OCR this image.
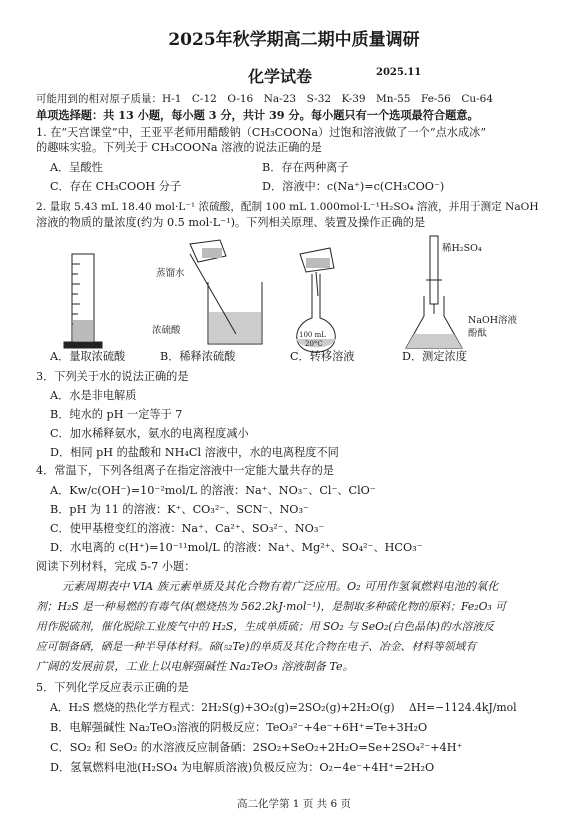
2025年秋学期高二期中质量调研
化学试卷	2025.11
可能用到的相对原子质量：H-1　C-12　O-16　Na-23　S-32　K-39　Mn-55　Fe-56　Cu-64
单项选择题：共 13 小题，每小题 3 分，共计 39 分。每小题只有一个选项最符合题意。
1. 在“天宫课堂”中，王亚平老师用醋酸钠（CH₃COONa）过饱和溶液做了一个“点水成冰”
的趣味实验。下列关于 CH₃COONa 溶液的说法正确的是
A．呈酸性	B．存在两种离子
C．存在 CH₃COOH 分子	D．溶液中：c(Na⁺)=c(CH₃COO⁻)
2. 量取 5.43 mL 18.40 mol·L⁻¹ 浓硫酸，配制 100 mL 1.000mol·L⁻¹H₂SO₄ 溶液，并用于测定 NaOH
溶液的物质的量浓度(约为 0.5 mol·L⁻¹)。下列相关原理、装置及操作正确的是
蒸馏水
浓硫酸	100 mL
20°C
稀H₂SO₄
NaOH溶液
酚酞
A．量取浓硫酸	B．稀释浓硫酸	C．转移溶液	D．测定浓度
3．下列关于水的说法正确的是
A．水是非电解质
B．纯水的 pH 一定等于 7
C．加水稀释氨水，氨水的电离程度减小
D．相同 pH 的盐酸和 NH₄Cl 溶液中，水的电离程度不同
4．常温下，下列各组离子在指定溶液中一定能大量共存的是
A．Kw/c(OH⁻)=10⁻²mol/L 的溶液：Na⁺、NO₃⁻、Cl⁻、ClO⁻
B．pH 为 11 的溶液：K⁺、CO₃²⁻、SCN⁻、NO₃⁻
C．使甲基橙变红的溶液：Na⁺、Ca²⁺、SO₃²⁻、NO₃⁻
D．水电离的 c(H⁺)=10⁻¹¹mol/L 的溶液：Na⁺、Mg²⁺、SO₄²⁻、HCO₃⁻
阅读下列材料，完成 5-7 小题：
元素周期表中 VIA 族元素单质及其化合物有着广泛应用。O₂ 可用作氢氧燃料电池的氧化
剂；H₂S 是一种易燃的有毒气体(燃烧热为 562.2kJ·mol⁻¹)，是制取多种硫化物的原料；Fe₂O₃ 可
用作脱硫剂，催化脱除工业废气中的 H₂S，生成单质硫；用 SO₂ 与 SeO₂(白色晶体)的水溶液反
应可制备硒，硒是一种半导体材料。碲(₅₂Te)的单质及其化合物在电子、冶金、材料等领域有
广阔的发展前景，工业上以电解强碱性 Na₂TeO₃ 溶液制备 Te。
5．下列化学反应表示正确的是
A．H₂S 燃烧的热化学方程式：2H₂S(g)+3O₂(g)=2SO₂(g)+2H₂O(g)　 ΔH=−1124.4kJ/mol
B．电解强碱性 Na₂TeO₃溶液的阴极反应：TeO₃²⁻+4e⁻+6H⁺=Te+3H₂O
C．SO₂ 和 SeO₂ 的水溶液反应制备硒：2SO₂+SeO₂+2H₂O=Se+2SO₄²⁻+4H⁺
D．氢氧燃料电池(H₂SO₄ 为电解质溶液)负极反应为：O₂−4e⁻+4H⁺=2H₂O
高二化学第 1 页 共 6 页
